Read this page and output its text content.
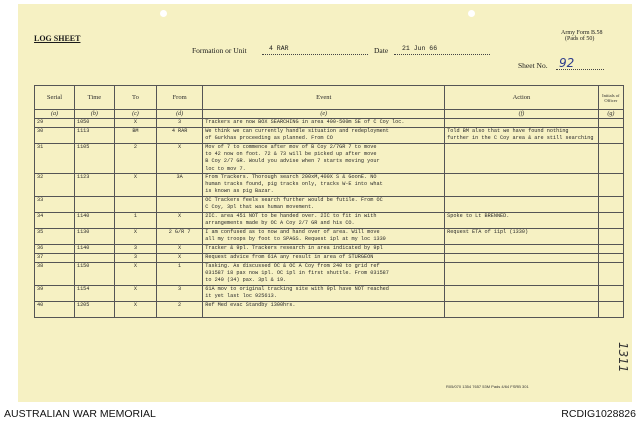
LOG SHEET
Army Form B.58
(Pads of 50)
Formation or Unit	4 RAR	Date 21 Jun 66
Sheet No. 92
Serial	Time	To	From	Event	Action	Initials of Officer
(a)	(b)	(c)	(d)	(e)	(f)	(g)
29	1050	X	3	Trackers are now BOX SEARCHING in area 400-500m SE of C Coy loc.		

30	1113	BM	4 RAR	We think we can currently handle situation and redeployment
of Gurkhas proceeding as planned. From CO	Told BM also that we have found nothing
further in the C Coy area & are still searching	

31	1105	2	X	Mov of 7 to commence after mov of B Coy 2/7GR 7 to move
to 42 now on foot. 72 & 73 will be picked up after move
B Coy 2/7 GR. Would you advise when 7 starts moving your
loc to mov 7.		

32	1123	X	3A	From Trackers. Thorough search 200xM,400X S & GoonE. NO
human tracks found, pig tracks only, tracks W-E into what
is known as pig Bazar.		

33				OC Trackers feels search further would be futile. From OC
C Coy, 3pl that was human movement.		

34	1140	1	X	2IC. area 451 NOT to be handed over. 2IC to fit in with
arrangements made by OC A Coy 2/7 GR and his CO.	Spoke to Lt BRENNED.	

35	1130	X	2 G/R 7	I am confused as to now and hand over of area. Will move
all my troops by foot to SPAGS. Request 1pl at my loc 1330	Request ETA of 11pl (1330)	

36	1140	3	X	Tracker & 9pl. Trackers research in area indicated by 9pl		

37		3	X	Request advice from 61A any result in area of STURGEON		

38	1150	X	1	Tasking. As discussed OC & OC A Coy from 240 to grid ref
031587 18 pax now 1pl. OC 1pl in first shuttle. From 031587
to 240 (34) pax. 3pl & 19.		

39	1154	X	3	61A mov to original tracking site with 9pl have NOT reached
it yet last loc 925613.		

40	1205	X	2	Ref Med evac Standby 1300hrs.		

R05/070 1354 7657 53M Pads 4/64 FSRB 301
1311
AUSTRALIAN WAR MEMORIAL	RCDIG1028826
